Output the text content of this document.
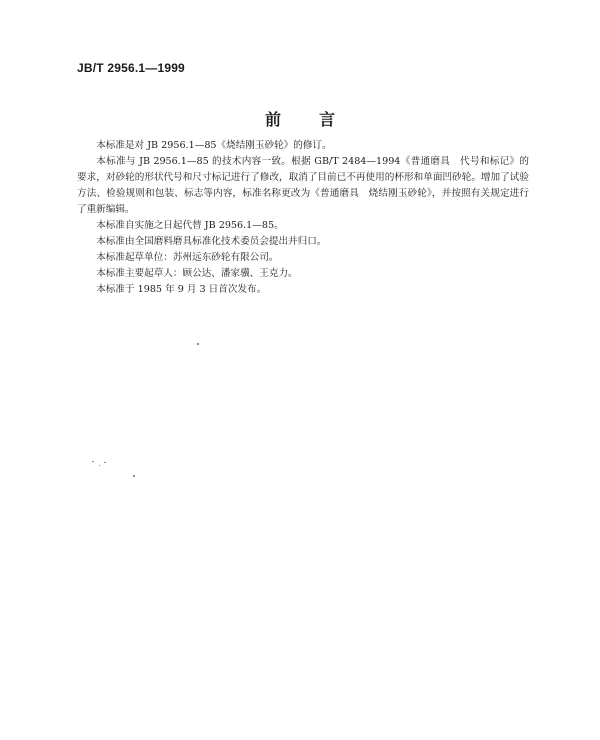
JB/T 2956.1—1999
前言

本标准是对 JB 2956.1—85《烧结刚玉砂轮》的修订。

本标准与 JB 2956.1—85 的技术内容一致。根据 GB/T 2484—1994《普通磨具　代号和标记》的要求，对砂轮的形状代号和尺寸标记进行了修改，取消了目前已不再使用的杯形和单面凹砂轮。增加了试验方法、检验规则和包装、标志等内容，标准名称更改为《普通磨具　烧结刚玉砂轮》，并按照有关规定进行了重新编辑。

本标准自实施之日起代替 JB 2956.1—85。

本标准由全国磨料磨具标准化技术委员会提出并归口。

本标准起草单位：苏州远东砂轮有限公司。

本标准主要起草人：顾公达、潘家骥、王克力。

本标准于 1985 年 9 月 3 日首次发布。
